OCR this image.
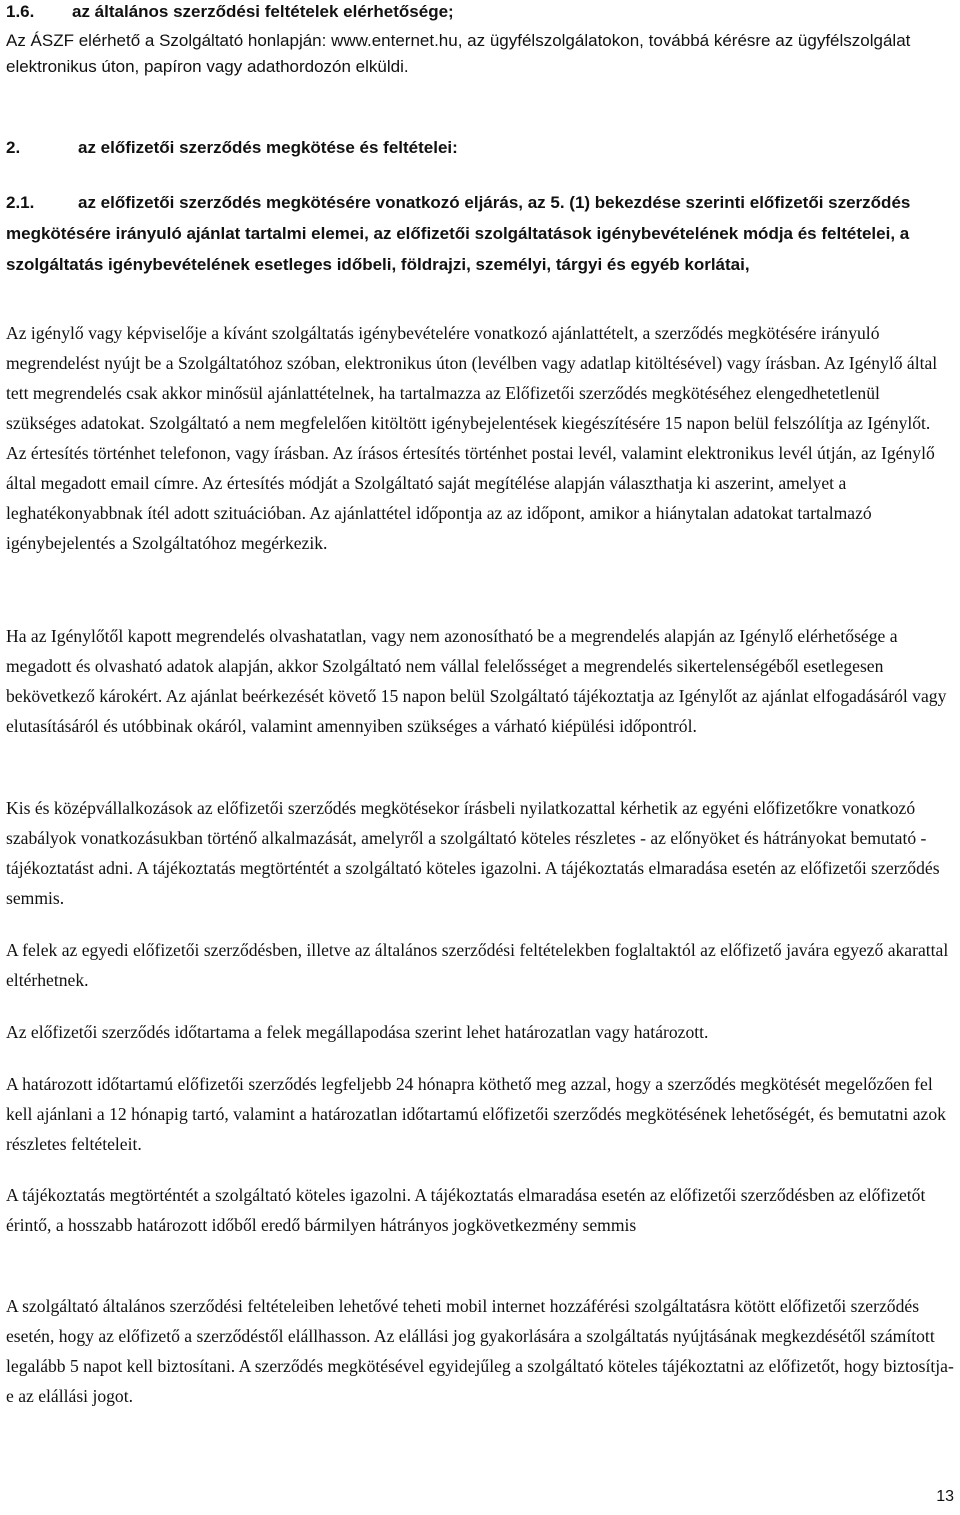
1.6. az általános szerződési feltételek elérhetősége;
Az ÁSZF elérhető a Szolgáltató honlapján: www.enternet.hu, az ügyfélszolgálatokon, továbbá kérésre az ügyfélszolgálat elektronikus úton, papíron vagy adathordozón elküldi.
2.	az előfizetői szerződés megkötése és feltételei:
2.1.	az előfizetői szerződés megkötésére vonatkozó eljárás, az 5. (1) bekezdése szerinti előfizetői szerződés megkötésére irányuló ajánlat tartalmi elemei, az előfizetői szolgáltatások igénybevételének módja és feltételei, a szolgáltatás igénybevételének esetleges időbeli, földrajzi, személyi, tárgyi és egyéb korlátai,

Az igénylő vagy képviselője a kívánt szolgáltatás igénybevételére vonatkozó ajánlattételt, a szerződés megkötésére irányuló megrendelést nyújt be a Szolgáltatóhoz szóban, elektronikus úton (levélben vagy adatlap kitöltésével) vagy írásban. Az Igénylő által tett megrendelés csak akkor minősül ajánlattételnek, ha tartalmazza az Előfizetői szerződés megkötéséhez elengedhetetlenül szükséges adatokat. Szolgáltató a nem megfelelően kitöltött igénybejelentések kiegészítésére 15 napon belül felszólítja az Igénylőt. Az értesítés történhet telefonon, vagy írásban. Az írásos értesítés történhet postai levél, valamint elektronikus levél útján, az Igénylő által megadott email címre. Az értesítés módját a Szolgáltató saját megítélése alapján választhatja ki aszerint, amelyet a leghatékonyabbnak ítél adott szituációban. Az ajánlattétel időpontja az az időpont, amikor a hiánytalan adatokat tartalmazó igénybejelentés a Szolgáltatóhoz megérkezik.

Ha az Igénylőtől kapott megrendelés olvashatatlan, vagy nem azonosítható be a megrendelés alapján az Igénylő elérhetősége a megadott és olvasható adatok alapján, akkor Szolgáltató nem vállal felelősséget a megrendelés sikertelenségéből esetlegesen bekövetkező károkért. Az ajánlat beérkezését követő 15 napon belül Szolgáltató tájékoztatja az Igénylőt az ajánlat elfogadásáról vagy elutasításáról és utóbbinak okáról, valamint amennyiben szükséges a várható kiépülési időpontról.

Kis és középvállalkozások az előfizetői szerződés megkötésekor írásbeli nyilatkozattal kérhetik az egyéni előfizetőkre vonatkozó szabályok vonatkozásukban történő alkalmazását, amelyről a szolgáltató köteles részletes - az előnyöket és hátrányokat bemutató - tájékoztatást adni. A tájékoztatás megtörténtét a szolgáltató köteles igazolni. A tájékoztatás elmaradása esetén az előfizetői szerződés semmis.

A felek az egyedi előfizetői szerződésben, illetve az általános szerződési feltételekben foglaltaktól az előfizető javára egyező akarattal eltérhetnek.

Az előfizetői szerződés időtartama a felek megállapodása szerint lehet határozatlan vagy határozott.

A határozott időtartamú előfizetői szerződés legfeljebb 24 hónapra köthető meg azzal, hogy a szerződés megkötését megelőzően fel kell ajánlani a 12 hónapig tartó, valamint a határozatlan időtartamú előfizetői szerződés megkötésének lehetőségét, és bemutatni azok részletes feltételeit.

A tájékoztatás megtörténtét a szolgáltató köteles igazolni. A tájékoztatás elmaradása esetén az előfizetői szerződésben az előfizetőt érintő, a hosszabb határozott időből eredő bármilyen hátrányos jogkövetkezmény semmis

A szolgáltató általános szerződési feltételeiben lehetővé teheti mobil internet hozzáférési szolgáltatásra kötött előfizetői szerződés esetén, hogy az előfizető a szerződéstől elállhasson. Az elállási jog gyakorlására a szolgáltatás nyújtásának megkezdésétől számított legalább 5 napot kell biztosítani. A szerződés megkötésével egyidejűleg a szolgáltató köteles tájékoztatni az előfizetőt, hogy biztosítja-e az elállási jogot.

13
